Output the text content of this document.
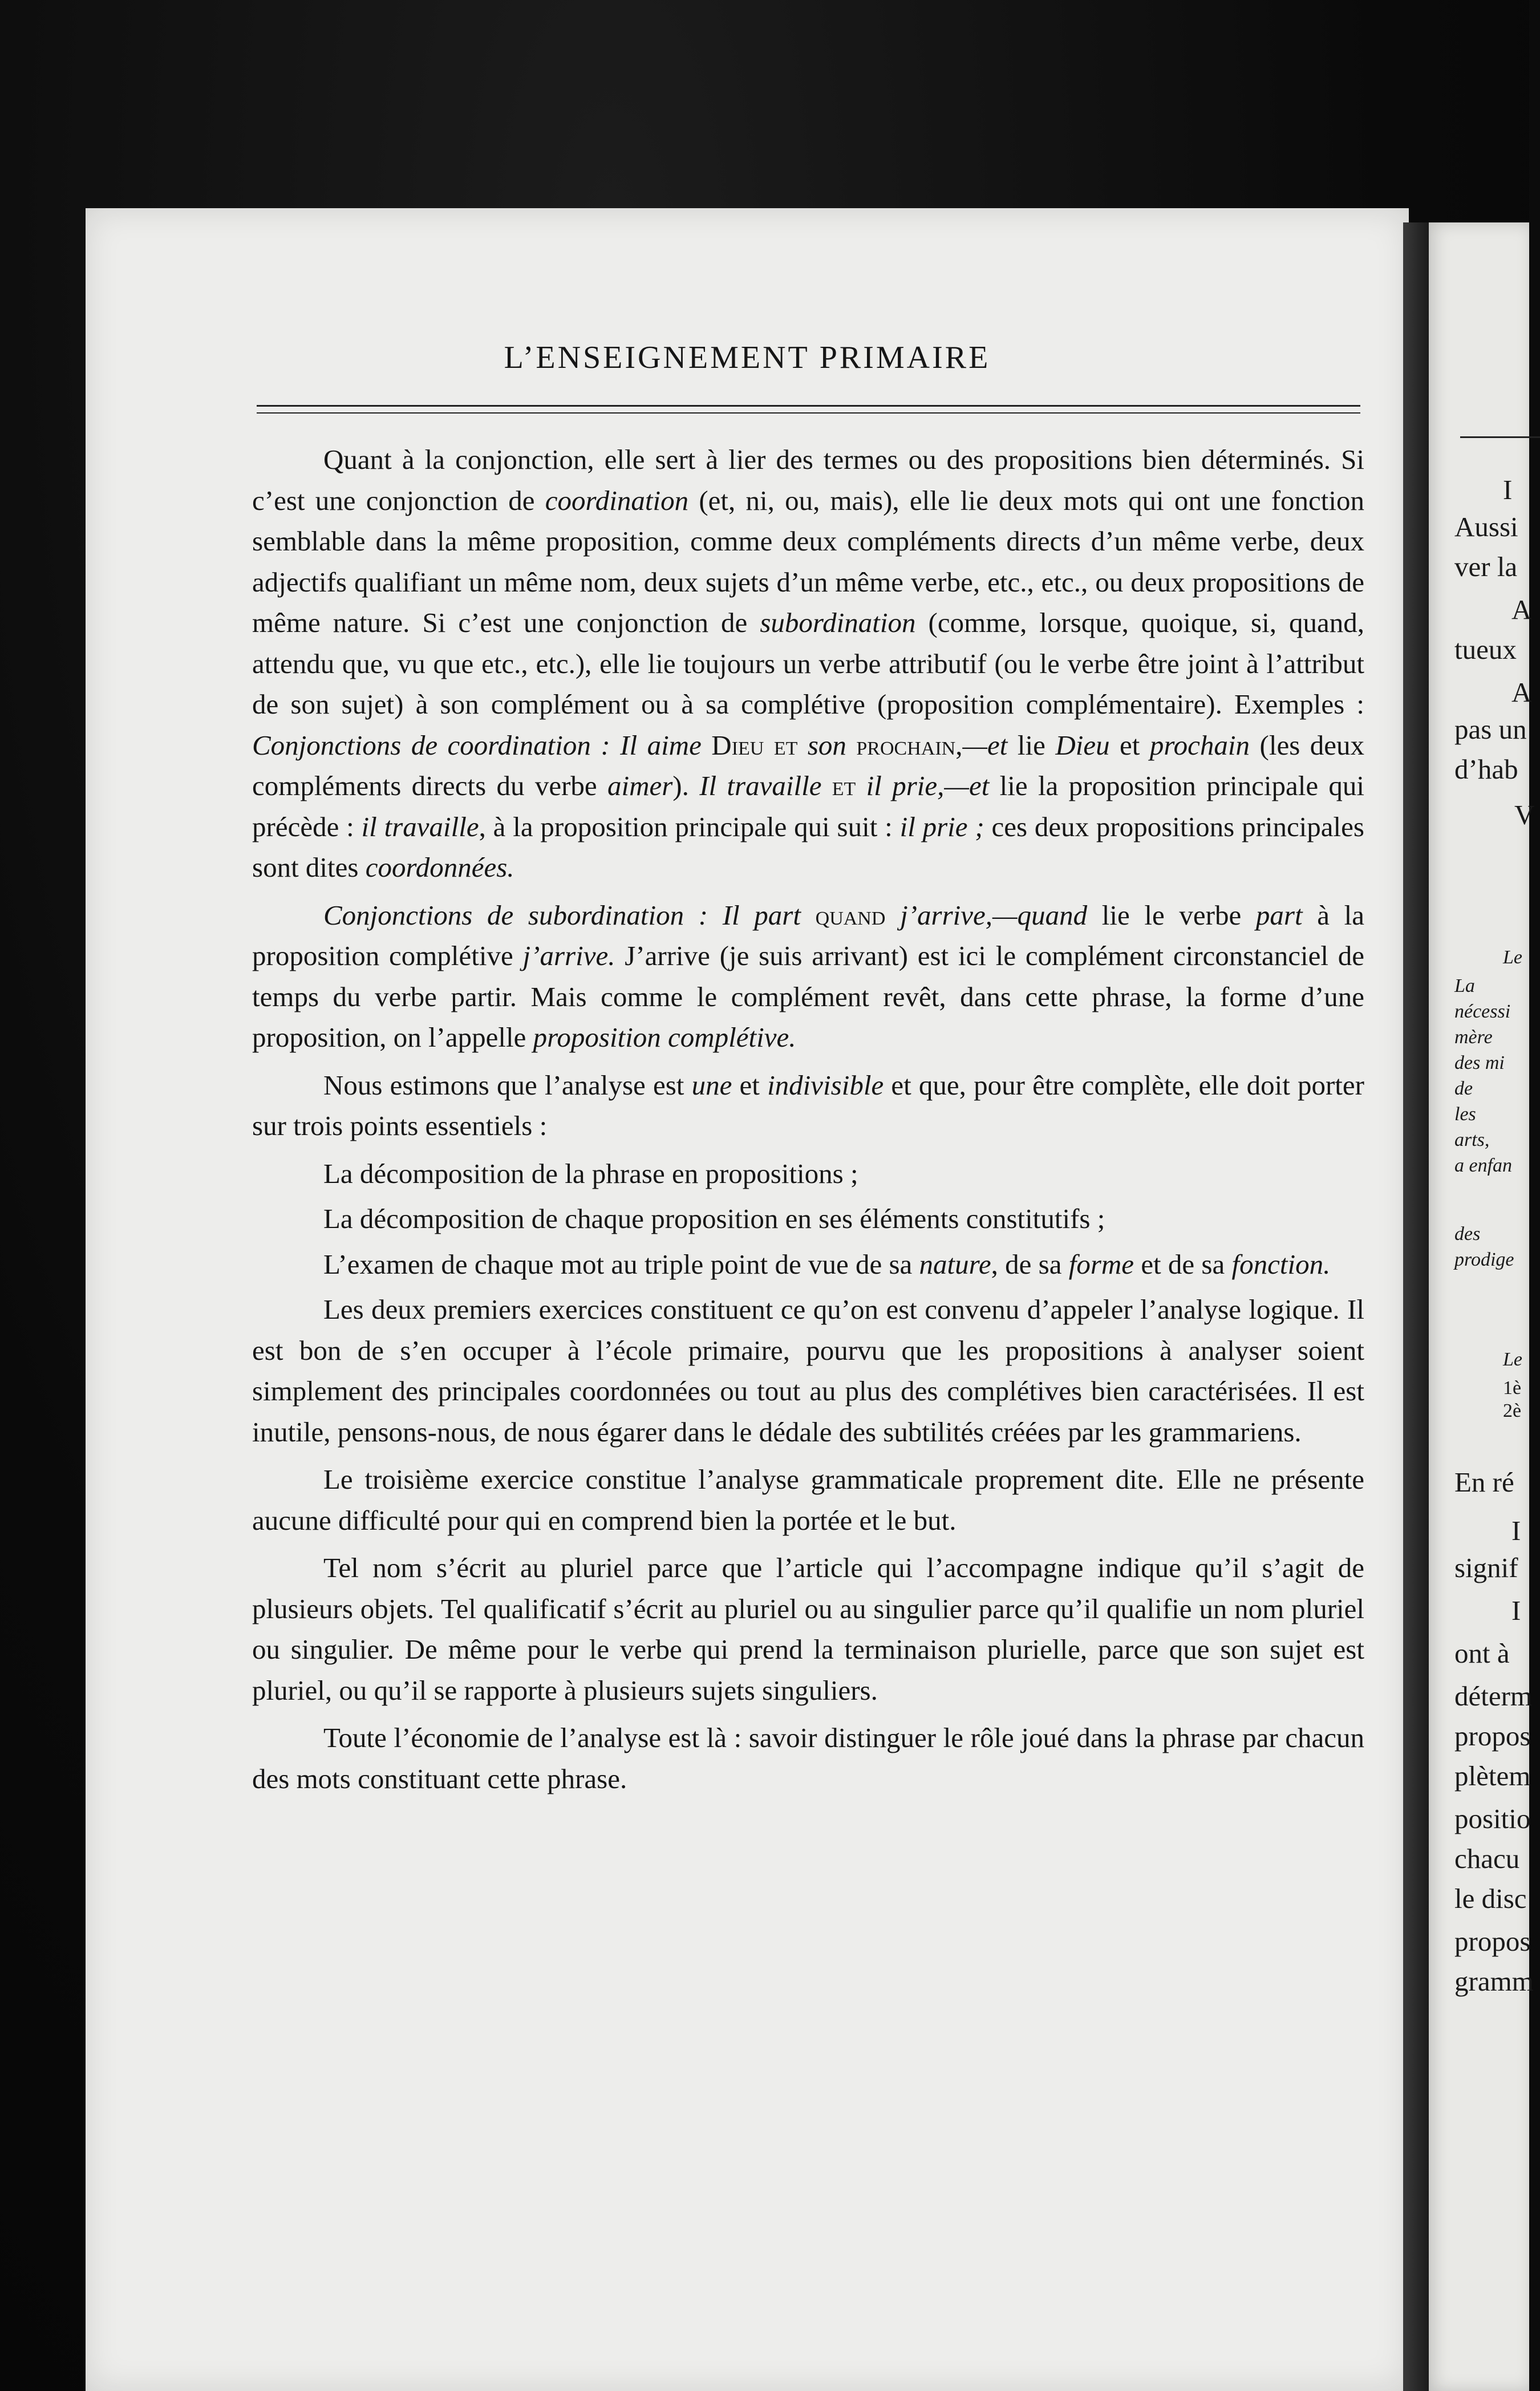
L’ENSEIGNEMENT PRIMAIRE

Quant à la conjonction, elle sert à lier des termes ou des propositions bien déterminés. Si c’est une conjonction de coordination (et, ni, ou, mais), elle lie deux mots qui ont une fonction semblable dans la même proposition, comme deux compléments directs d’un même verbe, deux adjectifs qualifiant un même nom, deux sujets d’un même verbe, etc., etc., ou deux propositions de même nature. Si c’est une conjonction de subordination (comme, lorsque, quoique, si, quand, attendu que, vu que etc., etc.), elle lie toujours un verbe attributif (ou le verbe être joint à l’attribut de son sujet) à son complément ou à sa complétive (proposition complémentaire). Exemples : Conjonctions de coordination : Il aime Dieu et son prochain,—et lie Dieu et prochain (les deux compléments directs du verbe aimer). Il travaille et il prie,—et lie la proposition principale qui précède : il travaille, à la proposition principale qui suit : il prie ; ces deux propositions principales sont dites coordonnées.

Conjonctions de subordination : Il part quand j’arrive,—quand lie le verbe part à la proposition complétive j’arrive. J’arrive (je suis arrivant) est ici le complément circonstanciel de temps du verbe partir. Mais comme le complément revêt, dans cette phrase, la forme d’une proposition, on l’appelle proposition complétive.

Nous estimons que l’analyse est une et indivisible et que, pour être complète, elle doit porter sur trois points essentiels :

La décomposition de la phrase en propositions ;

La décomposition de chaque proposition en ses éléments constitutifs ;

L’examen de chaque mot au triple point de vue de sa nature, de sa forme et de sa fonction.

Les deux premiers exercices constituent ce qu’on est convenu d’appeler l’analyse logique. Il est bon de s’en occuper à l’école primaire, pourvu que les propositions à analyser soient simplement des principales coordonnées ou tout au plus des complétives bien caractérisées. Il est inutile, pensons-nous, de nous égarer dans le dédale des subtilités créées par les grammariens.

Le troisième exercice constitue l’analyse grammaticale proprement dite. Elle ne présente aucune difficulté pour qui en comprend bien la portée et le but.

Tel nom s’écrit au pluriel parce que l’article qui l’accompagne indique qu’il s’agit de plusieurs objets. Tel qualificatif s’écrit au pluriel ou au singulier parce qu’il qualifie un nom pluriel ou singulier. De même pour le verbe qui prend la terminaison plurielle, parce que son sujet est pluriel, ou qu’il se rapporte à plusieurs sujets singuliers.

Toute l’économie de l’analyse est là : savoir distinguer le rôle joué dans la phrase par chacun des mots constituant cette phrase.

I
Aussi
ver la
A
tueux
A
pas un
d’hab
V
Le
La
nécessi
mère
des mi
de
les
arts,
a enfan
des
prodige
Le
1è
2è
En ré
I
signif
I
ont à
déterm
propos
plètem
positio
chacu
le disc
propos
gramm
